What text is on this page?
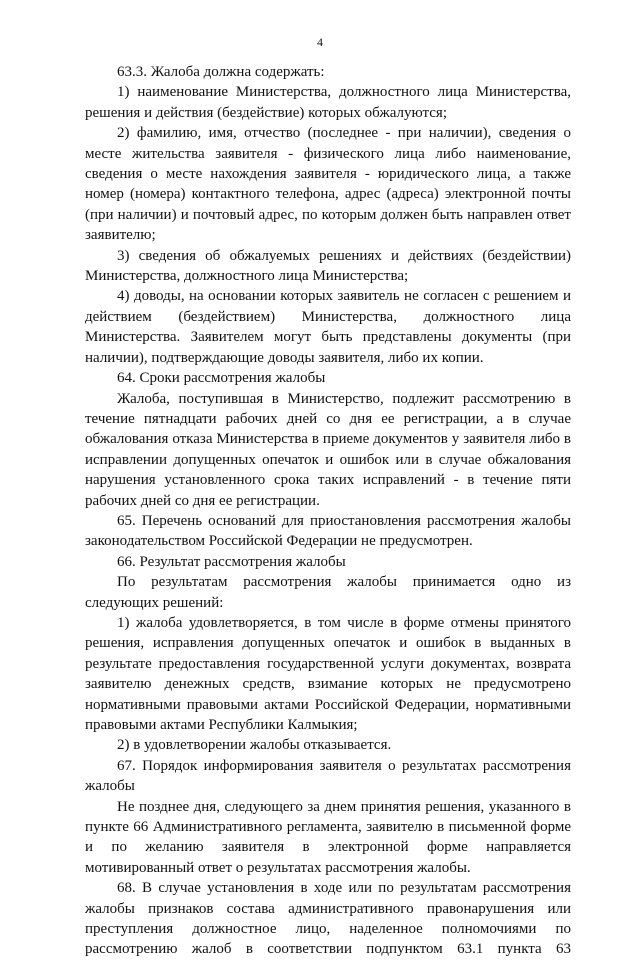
4

63.3. Жалоба должна содержать:

1) наименование Министерства, должностного лица Министерства, решения и действия (бездействие) которых обжалуются;

2) фамилию, имя, отчество (последнее - при наличии), сведения о месте жительства заявителя - физического лица либо наименование, сведения о месте нахождения заявителя - юридического лица, а также номер (номера) контактного телефона, адрес (адреса) электронной почты (при наличии) и почтовый адрес, по которым должен быть направлен ответ заявителю;

3) сведения об обжалуемых решениях и действиях (бездействии) Министерства, должностного лица Министерства;

4) доводы, на основании которых заявитель не согласен с решением и действием (бездействием) Министерства, должностного лица Министерства. Заявителем могут быть представлены документы (при наличии), подтверждающие доводы заявителя, либо их копии.

64. Сроки рассмотрения жалобы

Жалоба, поступившая в Министерство, подлежит рассмотрению в течение пятнадцати рабочих дней со дня ее регистрации, а в случае обжалования отказа Министерства в приеме документов у заявителя либо в исправлении допущенных опечаток и ошибок или в случае обжалования нарушения установленного срока таких исправлений - в течение пяти рабочих дней со дня ее регистрации.

65. Перечень оснований для приостановления рассмотрения жалобы законодательством Российской Федерации не предусмотрен.

66. Результат рассмотрения жалобы

По результатам рассмотрения жалобы принимается одно из следующих решений:

1) жалоба удовлетворяется, в том числе в форме отмены принятого решения, исправления допущенных опечаток и ошибок в выданных в результате предоставления государственной услуги документах, возврата заявителю денежных средств, взимание которых не предусмотрено нормативными правовыми актами Российской Федерации, нормативными правовыми актами Республики Калмыкия;

2) в удовлетворении жалобы отказывается.

67. Порядок информирования заявителя о результатах рассмотрения жалобы

Не позднее дня, следующего за днем принятия решения, указанного в пункте 66 Административного регламента, заявителю в письменной форме и по желанию заявителя в электронной форме направляется мотивированный ответ о результатах рассмотрения жалобы.

68. В случае установления в ходе или по результатам рассмотрения жалобы признаков состава административного правонарушения или преступления должностное лицо, наделенное полномочиями по рассмотрению жалоб в соответствии подпунктом 63.1 пункта 63
